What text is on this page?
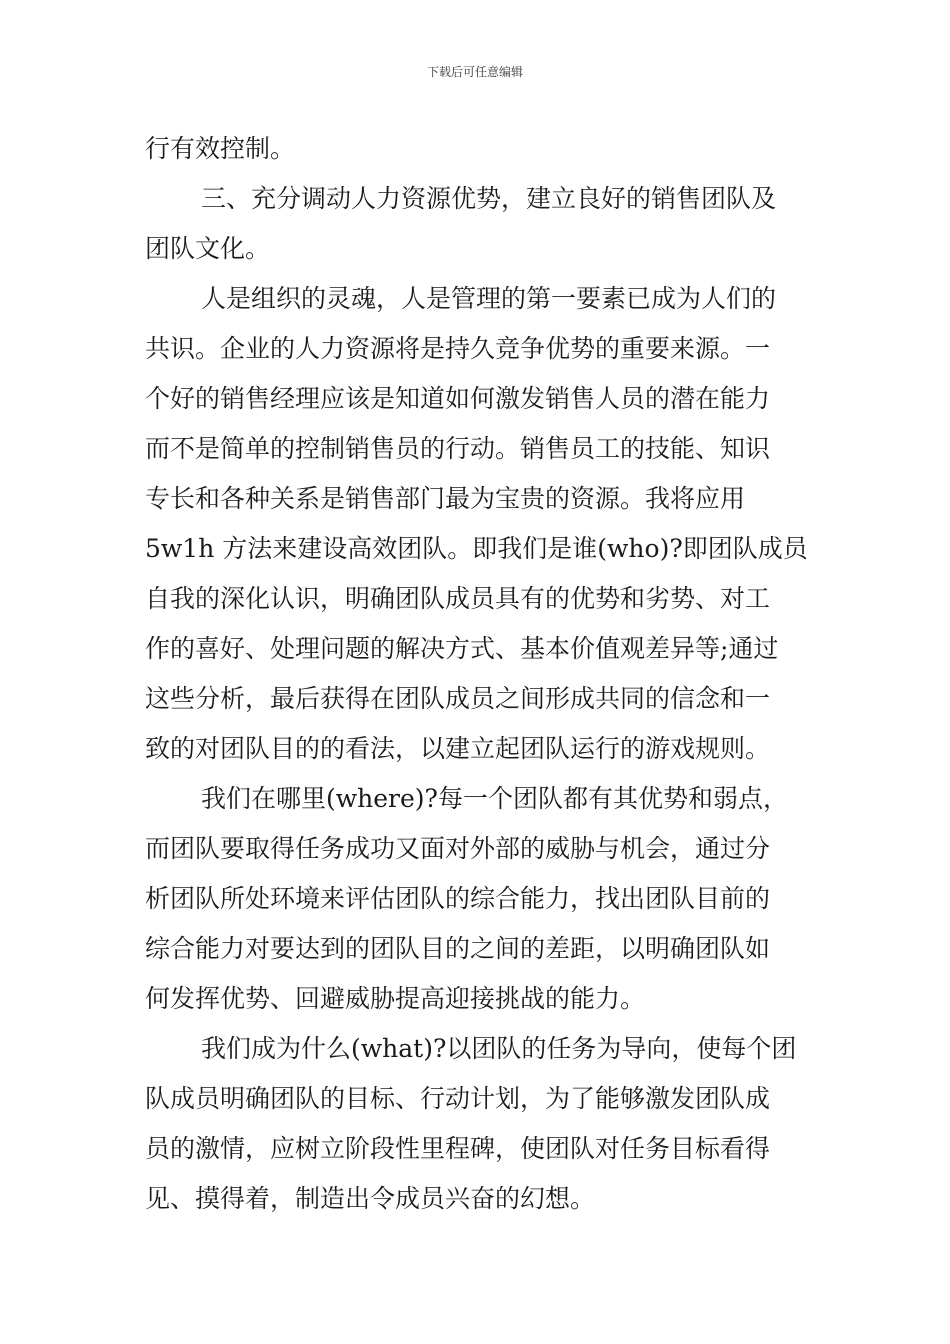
下载后可任意编辑
行有效控制。
三、充分调动人力资源优势，建立良好的销售团队及
团队文化。
人是组织的灵魂，人是管理的第一要素已成为人们的
共识。企业的人力资源将是持久竞争优势的重要来源。一
个好的销售经理应该是知道如何激发销售人员的潜在能力
而不是简单的控制销售员的行动。销售员工的技能、知识
专长和各种关系是销售部门最为宝贵的资源。我将应用
5w1h 方法来建设高效团队。即我们是谁(who)?即团队成员
自我的深化认识，明确团队成员具有的优势和劣势、对工
作的喜好、处理问题的解决方式、基本价值观差异等;通过
这些分析，最后获得在团队成员之间形成共同的信念和一
致的对团队目的的看法，以建立起团队运行的游戏规则。
我们在哪里(where)?每一个团队都有其优势和弱点，
而团队要取得任务成功又面对外部的威胁与机会，通过分
析团队所处环境来评估团队的综合能力，找出团队目前的
综合能力对要达到的团队目的之间的差距，以明确团队如
何发挥优势、回避威胁提高迎接挑战的能力。
我们成为什么(what)?以团队的任务为导向，使每个团
队成员明确团队的目标、行动计划，为了能够激发团队成
员的激情，应树立阶段性里程碑，使团队对任务目标看得
见、摸得着，制造出令成员兴奋的幻想。
